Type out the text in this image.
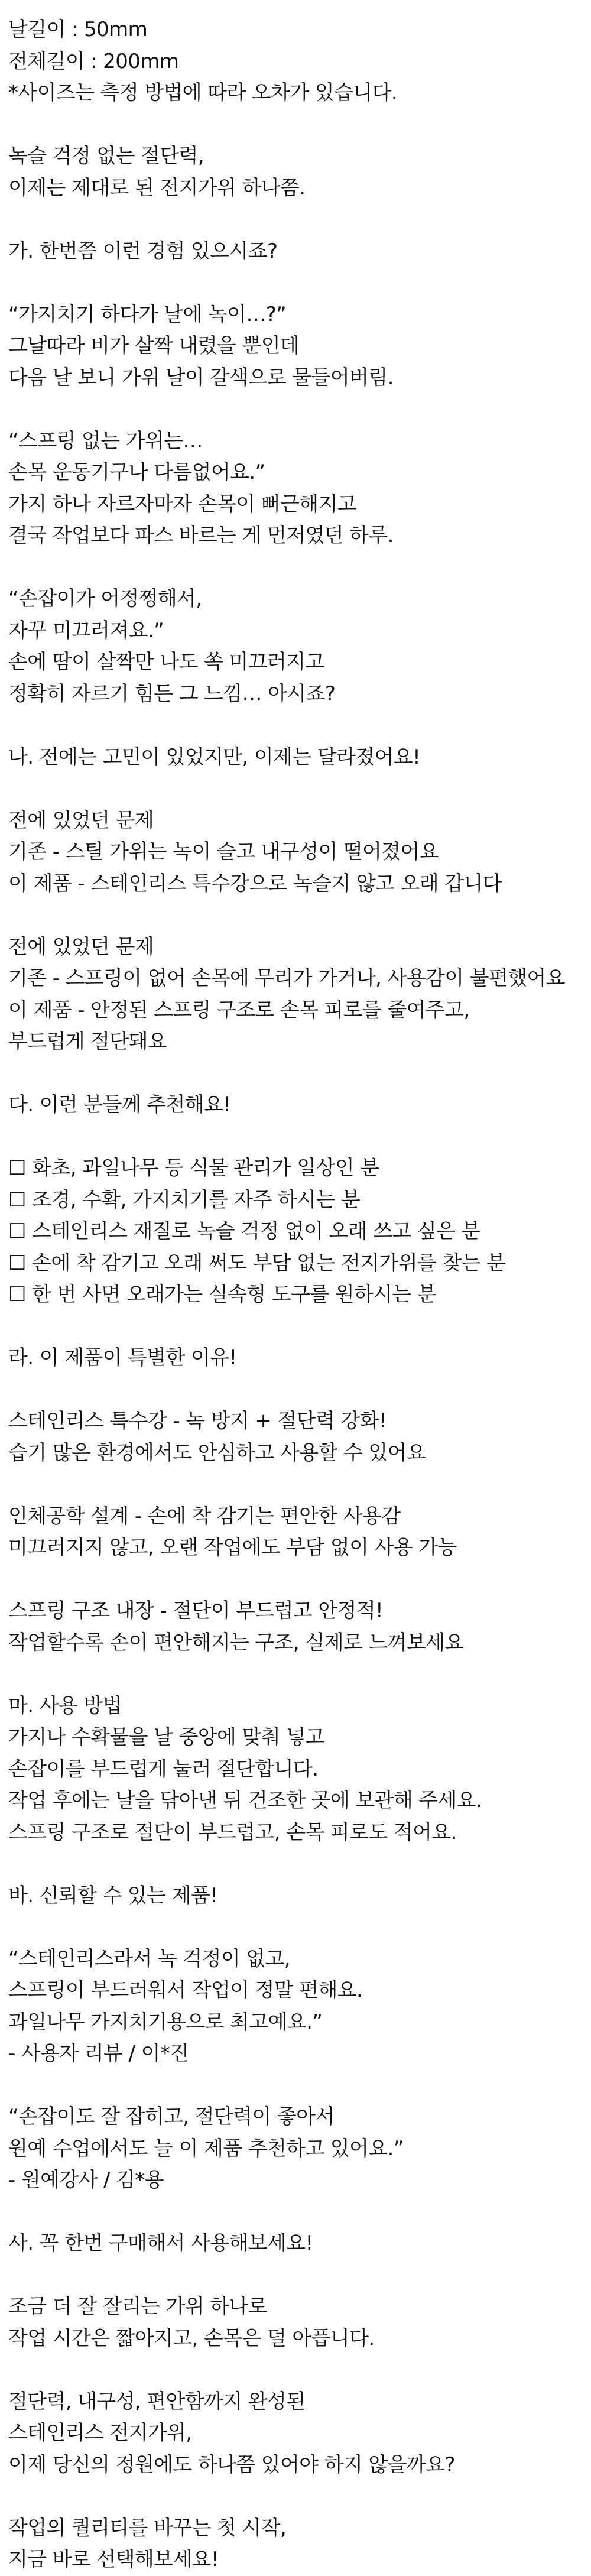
날길이 : 50mm
전체길이 : 200mm
*사이즈는 측정 방법에 따라 오차가 있습니다.
녹슬 걱정 없는 절단력,
이제는 제대로 된 전지가위 하나쯤.
가. 한번쯤 이런 경험 있으시죠?
“가지치기 하다가 날에 녹이…?”
그날따라 비가 살짝 내렸을 뿐인데
다음 날 보니 가위 날이 갈색으로 물들어버림.
“스프링 없는 가위는…
손목 운동기구나 다름없어요.”
가지 하나 자르자마자 손목이 뻐근해지고
결국 작업보다 파스 바르는 게 먼저였던 하루.
“손잡이가 어정쩡해서,
자꾸 미끄러져요.”
손에 땀이 살짝만 나도 쏙 미끄러지고
정확히 자르기 힘든 그 느낌… 아시죠?
나. 전에는 고민이 있었지만, 이제는 달라졌어요!
전에 있었던 문제
기존 - 스틸 가위는 녹이 슬고 내구성이 떨어졌어요
이 제품 - 스테인리스 특수강으로 녹슬지 않고 오래 갑니다
전에 있었던 문제
기존 - 스프링이 없어 손목에 무리가 가거나, 사용감이 불편했어요
이 제품 - 안정된 스프링 구조로 손목 피로를 줄여주고,
부드럽게 절단돼요
다. 이런 분들께 추천해요!
☐ 화초, 과일나무 등 식물 관리가 일상인 분
☐ 조경, 수확, 가지치기를 자주 하시는 분
☐ 스테인리스 재질로 녹슬 걱정 없이 오래 쓰고 싶은 분
☐ 손에 착 감기고 오래 써도 부담 없는 전지가위를 찾는 분
☐ 한 번 사면 오래가는 실속형 도구를 원하시는 분
라. 이 제품이 특별한 이유!
스테인리스 특수강 - 녹 방지 + 절단력 강화!
습기 많은 환경에서도 안심하고 사용할 수 있어요
인체공학 설계 - 손에 착 감기는 편안한 사용감
미끄러지지 않고, 오랜 작업에도 부담 없이 사용 가능
스프링 구조 내장 - 절단이 부드럽고 안정적!
작업할수록 손이 편안해지는 구조, 실제로 느껴보세요
마. 사용 방법
가지나 수확물을 날 중앙에 맞춰 넣고
손잡이를 부드럽게 눌러 절단합니다.
작업 후에는 날을 닦아낸 뒤 건조한 곳에 보관해 주세요.
스프링 구조로 절단이 부드럽고, 손목 피로도 적어요.
바. 신뢰할 수 있는 제품!
“스테인리스라서 녹 걱정이 없고,
스프링이 부드러워서 작업이 정말 편해요.
과일나무 가지치기용으로 최고예요.”
- 사용자 리뷰 / 이*진
“손잡이도 잘 잡히고, 절단력이 좋아서
원예 수업에서도 늘 이 제품 추천하고 있어요.”
- 원예강사 / 김*용
사. 꼭 한번 구매해서 사용해보세요!
조금 더 잘 잘리는 가위 하나로
작업 시간은 짧아지고, 손목은 덜 아픕니다.
절단력, 내구성, 편안함까지 완성된
스테인리스 전지가위,
이제 당신의 정원에도 하나쯤 있어야 하지 않을까요?
작업의 퀄리티를 바꾸는 첫 시작,
지금 바로 선택해보세요!
